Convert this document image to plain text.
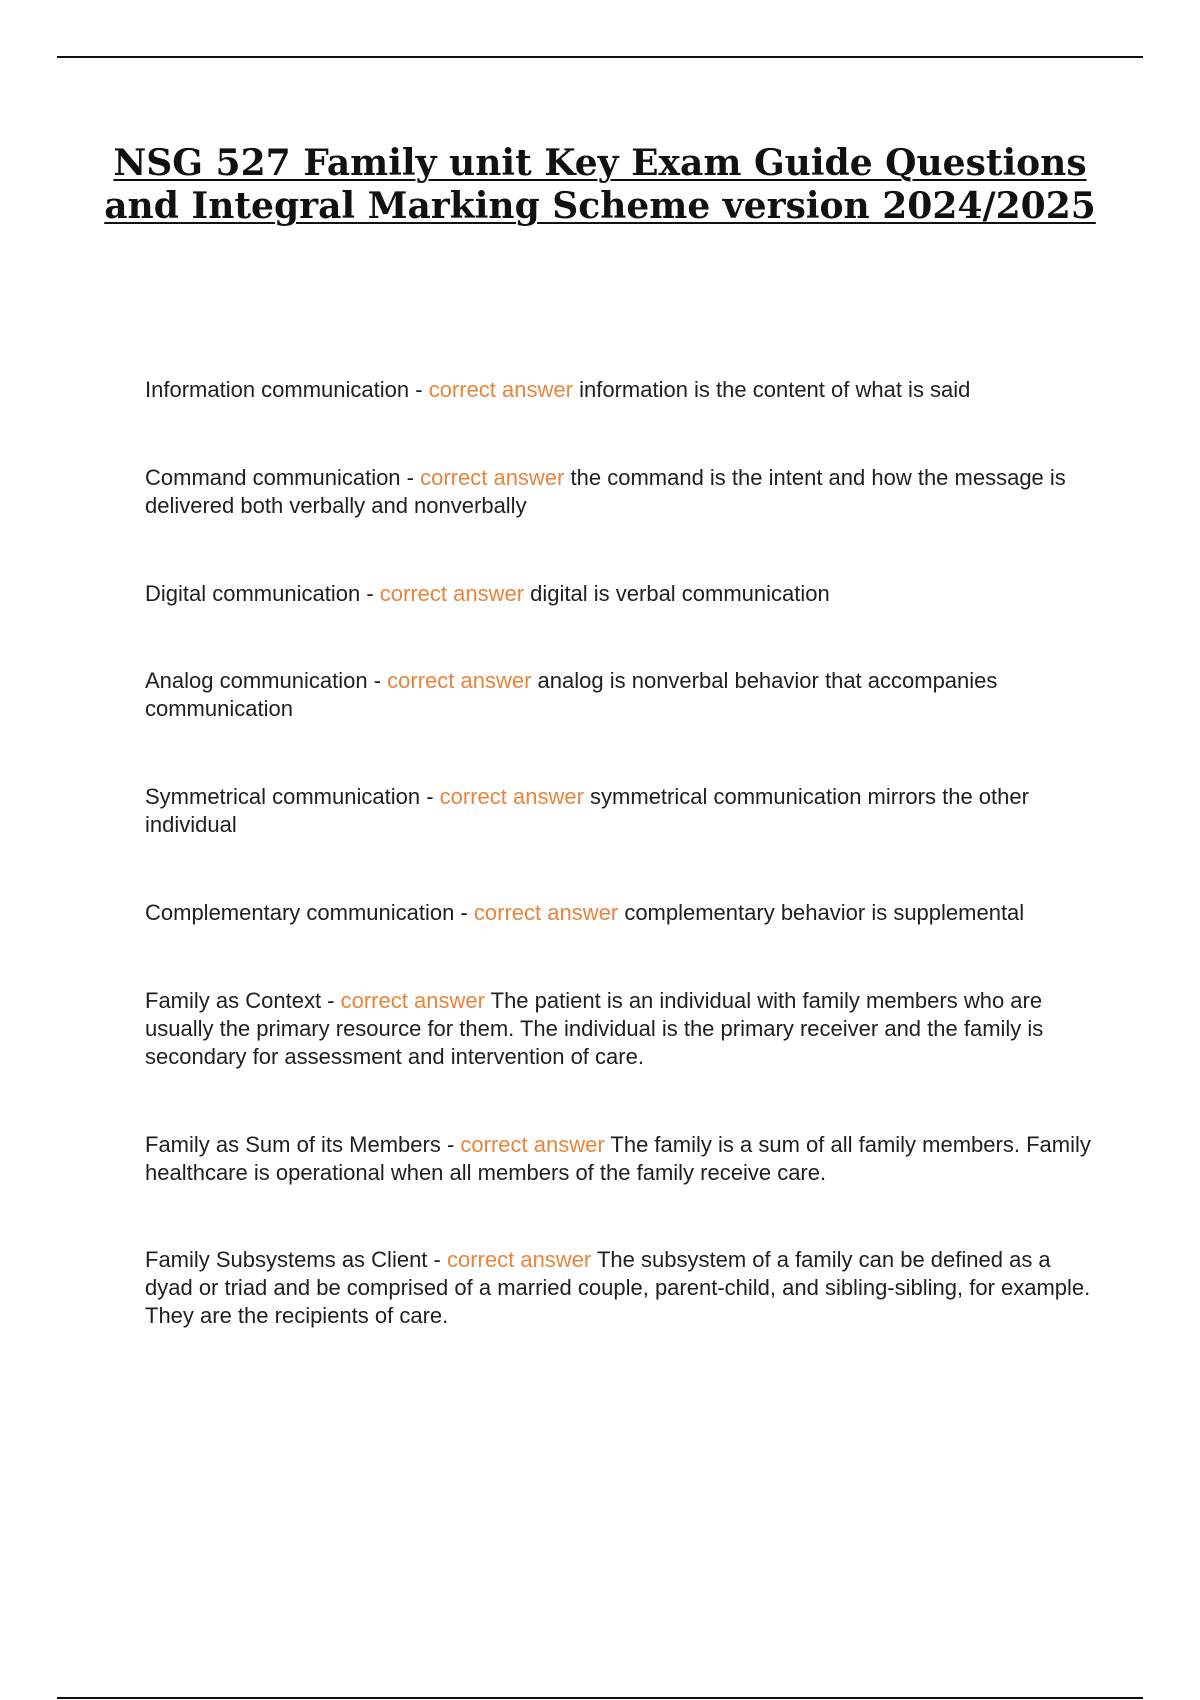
NSG 527 Family unit Key Exam Guide Questions and Integral Marking Scheme version 2024/2025

Information communication - correct answer information is the content of what is said

Command communication - correct answer the command is the intent and how the message is delivered both verbally and nonverbally

Digital communication - correct answer digital is verbal communication

Analog communication - correct answer analog is nonverbal behavior that accompanies communication

Symmetrical communication - correct answer symmetrical communication mirrors the other individual

Complementary communication - correct answer complementary behavior is supplemental

Family as Context - correct answer The patient is an individual with family members who are usually the primary resource for them. The individual is the primary receiver and the family is secondary for assessment and intervention of care.

Family as Sum of its Members - correct answer The family is a sum of all family members. Family healthcare is operational when all members of the family receive care.

Family Subsystems as Client - correct answer The subsystem of a family can be defined as a dyad or triad and be comprised of a married couple, parent-child, and sibling-sibling, for example. They are the recipients of care.
